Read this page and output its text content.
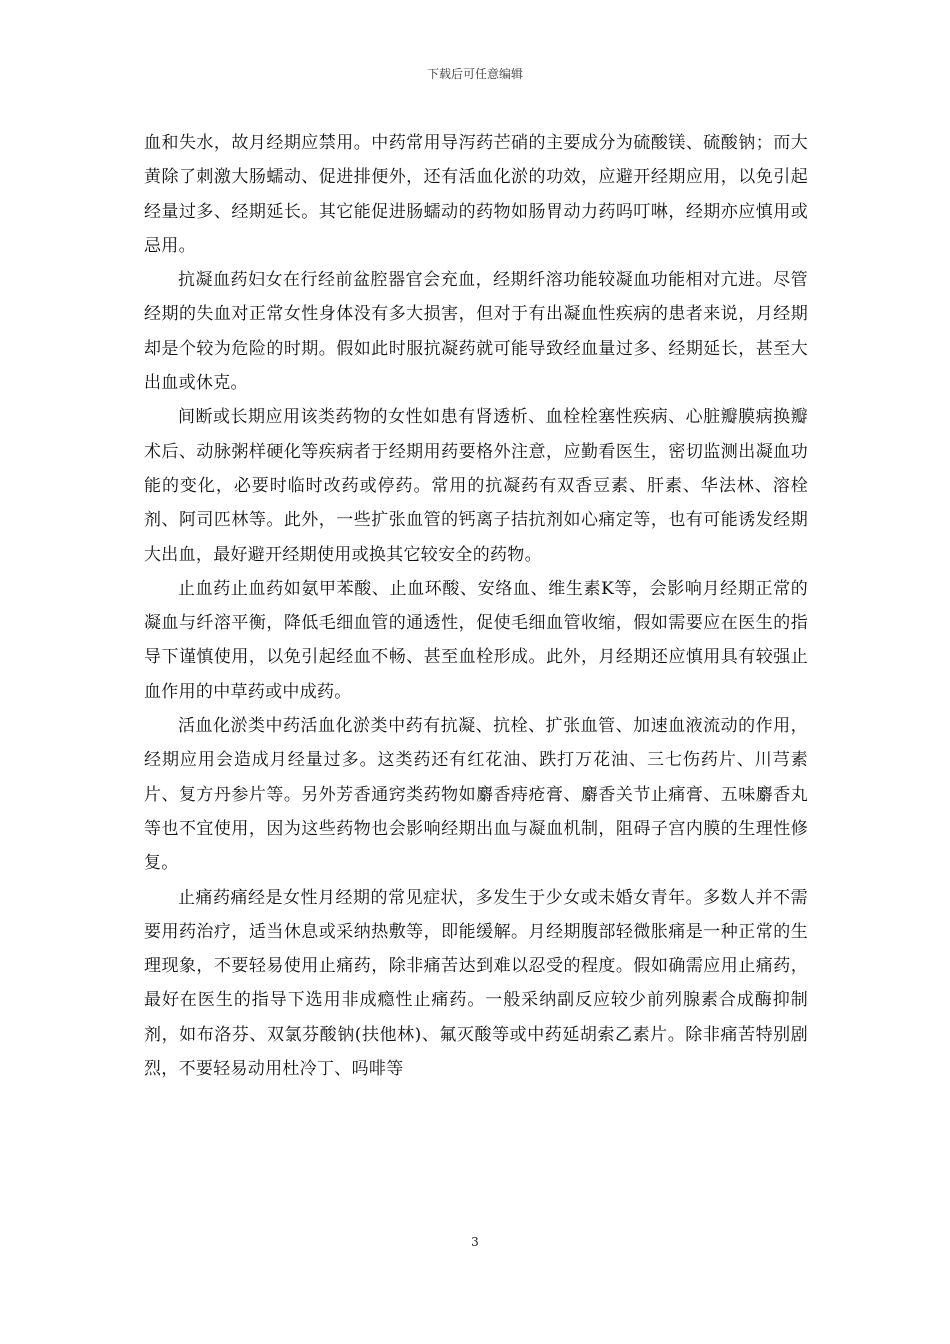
下载后可任意编辑

血和失水，故月经期应禁用。中药常用导泻药芒硝的主要成分为硫酸镁、硫酸钠；而大黄除了刺激大肠蠕动、促进排便外，还有活血化淤的功效，应避开经期应用，以免引起经量过多、经期延长。其它能促进肠蠕动的药物如肠胃动力药吗叮啉，经期亦应慎用或忌用。

抗凝血药妇女在行经前盆腔器官会充血，经期纤溶功能较凝血功能相对亢进。尽管经期的失血对正常女性身体没有多大损害，但对于有出凝血性疾病的患者来说，月经期却是个较为危险的时期。假如此时服抗凝药就可能导致经血量过多、经期延长，甚至大出血或休克。

间断或长期应用该类药物的女性如患有肾透析、血栓栓塞性疾病、心脏瓣膜病换瓣术后、动脉粥样硬化等疾病者于经期用药要格外注意，应勤看医生，密切监测出凝血功能的变化，必要时临时改药或停药。常用的抗凝药有双香豆素、肝素、华法林、溶栓剂、阿司匹林等。此外，一些扩张血管的钙离子拮抗剂如心痛定等，也有可能诱发经期大出血，最好避开经期使用或换其它较安全的药物。

止血药止血药如氨甲苯酸、止血环酸、安络血、维生素K等，会影响月经期正常的凝血与纤溶平衡，降低毛细血管的通透性，促使毛细血管收缩，假如需要应在医生的指导下谨慎使用，以免引起经血不畅、甚至血栓形成。此外，月经期还应慎用具有较强止血作用的中草药或中成药。

活血化淤类中药活血化淤类中药有抗凝、抗栓、扩张血管、加速血液流动的作用，经期应用会造成月经量过多。这类药还有红花油、跌打万花油、三七伤药片、川芎素片、复方丹参片等。另外芳香通窍类药物如麝香痔疮膏、麝香关节止痛膏、五味麝香丸等也不宜使用，因为这些药物也会影响经期出血与凝血机制，阻碍子宫内膜的生理性修复。

止痛药痛经是女性月经期的常见症状，多发生于少女或未婚女青年。多数人并不需要用药治疗，适当休息或采纳热敷等，即能缓解。月经期腹部轻微胀痛是一种正常的生理现象，不要轻易使用止痛药，除非痛苦达到难以忍受的程度。假如确需应用止痛药，最好在医生的指导下选用非成瘾性止痛药。一般采纳副反应较少前列腺素合成酶抑制剂，如布洛芬、双氯芬酸钠(扶他林)、氟灭酸等或中药延胡索乙素片。除非痛苦特别剧烈，不要轻易动用杜冷丁、吗啡等

3
